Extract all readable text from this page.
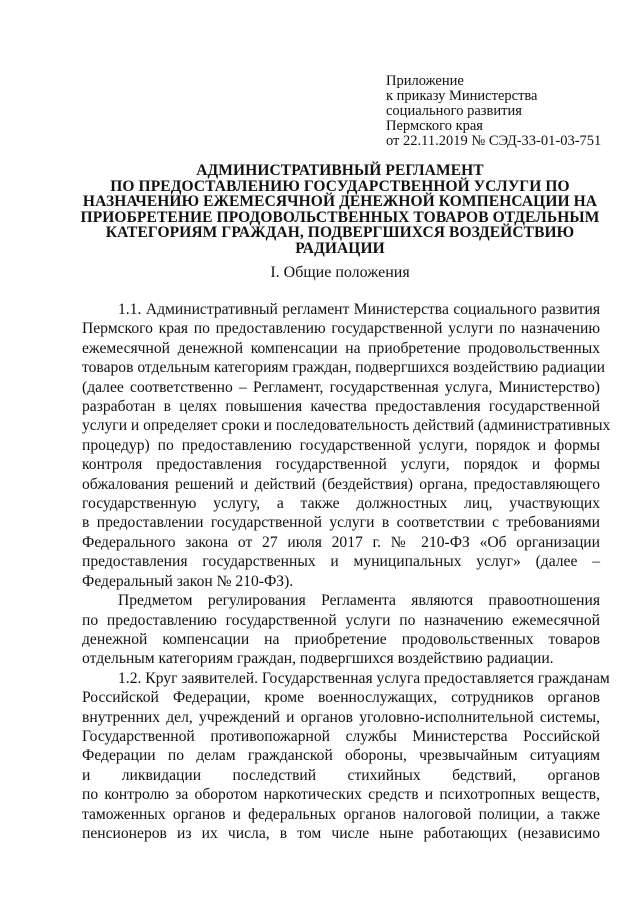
Приложение
к приказу Министерства
социального развития
Пермского края
от 22.11.2019 № СЭД-33-01-03-751
АДМИНИСТРАТИВНЫЙ РЕГЛАМЕНТ
ПО ПРЕДОСТАВЛЕНИЮ ГОСУДАРСТВЕННОЙ УСЛУГИ ПО
НАЗНАЧЕНИЮ ЕЖЕМЕСЯЧНОЙ ДЕНЕЖНОЙ КОМПЕНСАЦИИ НА
ПРИОБРЕТЕНИЕ ПРОДОВОЛЬСТВЕННЫХ ТОВАРОВ ОТДЕЛЬНЫМ
КАТЕГОРИЯМ ГРАЖДАН, ПОДВЕРГШИХСЯ ВОЗДЕЙСТВИЮ
РАДИАЦИИ
I. Общие положения
1.1. Административный регламент Министерства социального развития
Пермского края по предоставлению государственной услуги по назначению
ежемесячной денежной компенсации на приобретение продовольственных
товаров отдельным категориям граждан, подвергшихся воздействию радиации
(далее соответственно – Регламент, государственная услуга, Министерство)
разработан в целях повышения качества предоставления государственной
услуги и определяет сроки и последовательность действий (административных
процедур) по предоставлению государственной услуги, порядок и формы
контроля предоставления государственной услуги, порядок и формы
обжалования решений и действий (бездействия) органа, предоставляющего
государственную услугу, а также должностных лиц, участвующих
в предоставлении государственной услуги в соответствии с требованиями
Федерального закона от 27 июля 2017 г. № 210-ФЗ «Об организации
предоставления государственных и муниципальных услуг» (далее –
Федеральный закон № 210-ФЗ).
Предметом регулирования Регламента являются правоотношения
по предоставлению государственной услуги по назначению ежемесячной
денежной компенсации на приобретение продовольственных товаров
отдельным категориям граждан, подвергшихся воздействию радиации.
1.2. Круг заявителей. Государственная услуга предоставляется гражданам
Российской Федерации, кроме военнослужащих, сотрудников органов
внутренних дел, учреждений и органов уголовно-исполнительной системы,
Государственной противопожарной службы Министерства Российской
Федерации по делам гражданской обороны, чрезвычайным ситуациям
и ликвидации последствий стихийных бедствий, органов
по контролю за оборотом наркотических средств и психотропных веществ,
таможенных органов и федеральных органов налоговой полиции, а также
пенсионеров из их числа, в том числе ныне работающих (независимо
